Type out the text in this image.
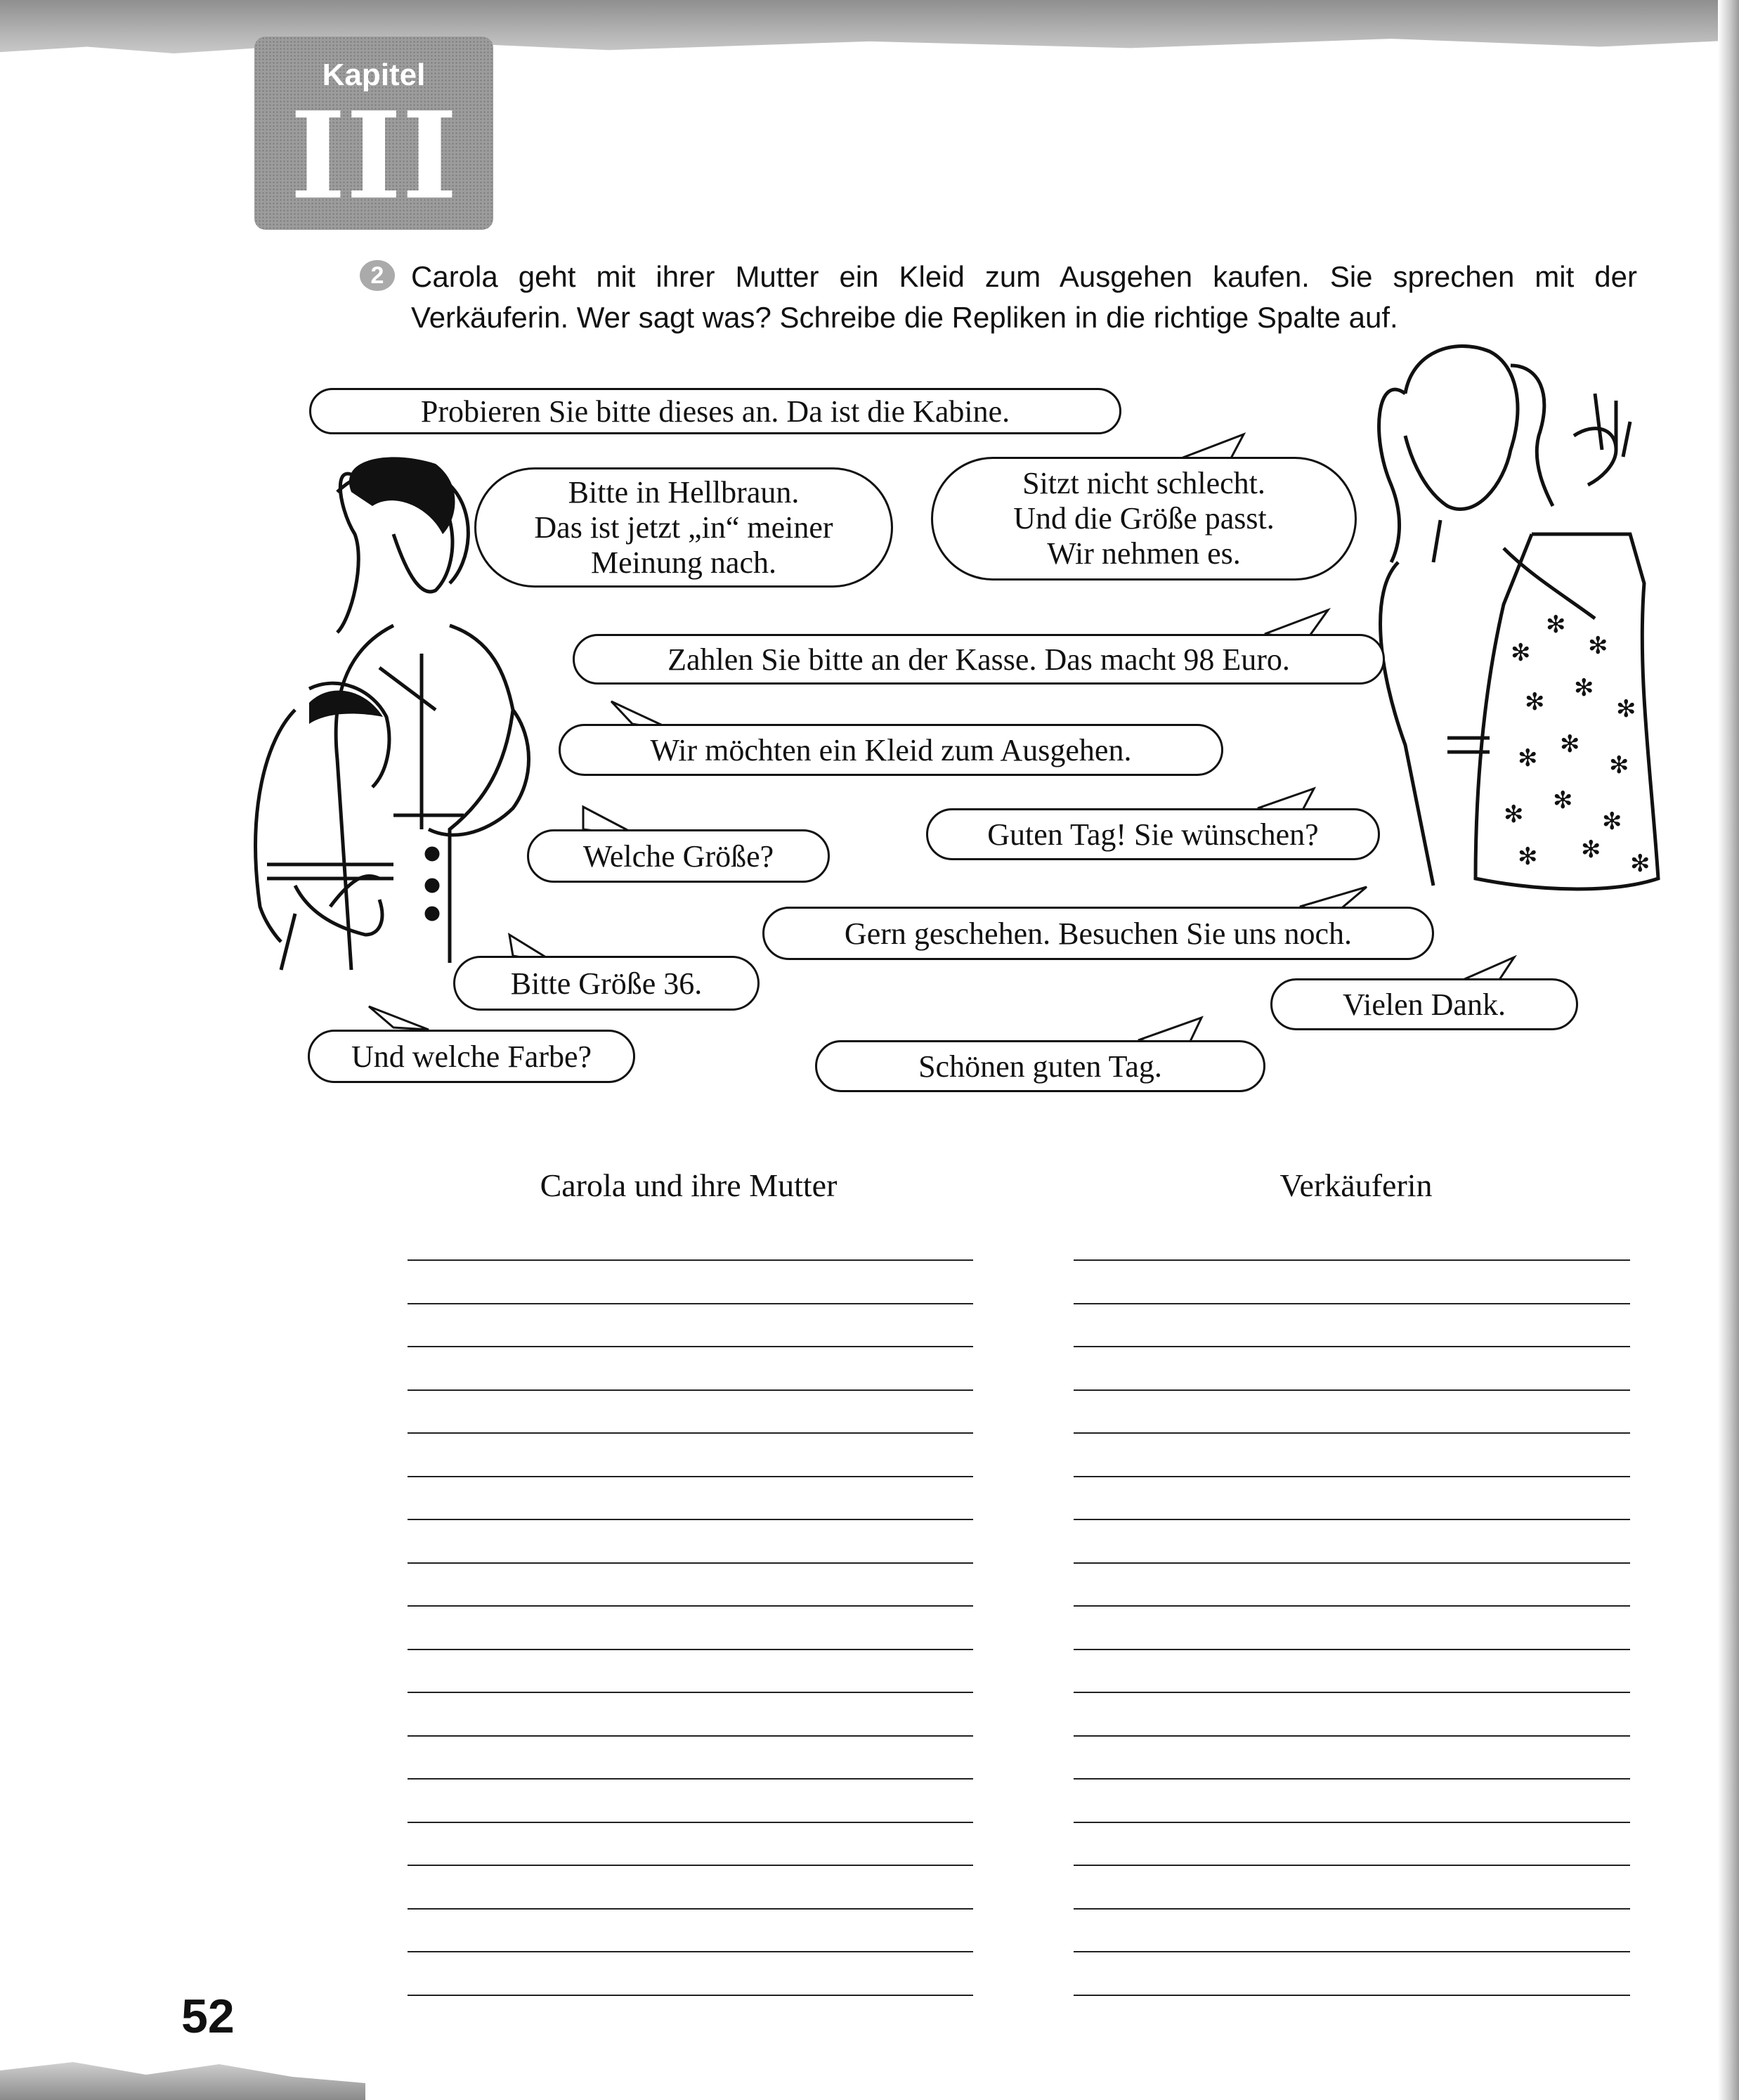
Kapitel
III
2 Carola geht mit ihrer Mutter ein Kleid zum Ausgehen kaufen. Sie sprechen mit der Verkäuferin. Wer sagt was? Schreibe die Repliken in die richtige Spalte auf.
✻
✻
✻
✻ ✻
✻
✻ ✻
✻
✻ ✻
✻
✻ ✻ ✻
Probieren Sie bitte dieses an. Da ist die Kabine.
Bitte in Hellbraun.
Das ist jetzt „in“ meiner
Meinung nach.
Sitzt nicht schlecht.
Und die Größe passt.
Wir nehmen es.
Zahlen Sie bitte an der Kasse. Das macht 98 Euro.
Wir möchten ein Kleid zum Ausgehen.
Welche Größe?
Guten Tag! Sie wünschen?
Gern geschehen. Besuchen Sie uns noch.
Bitte Größe 36.
Vielen Dank.
Und welche Farbe?	Schönen guten Tag.
Carola und ihre Mutter	Verkäuferin
52
